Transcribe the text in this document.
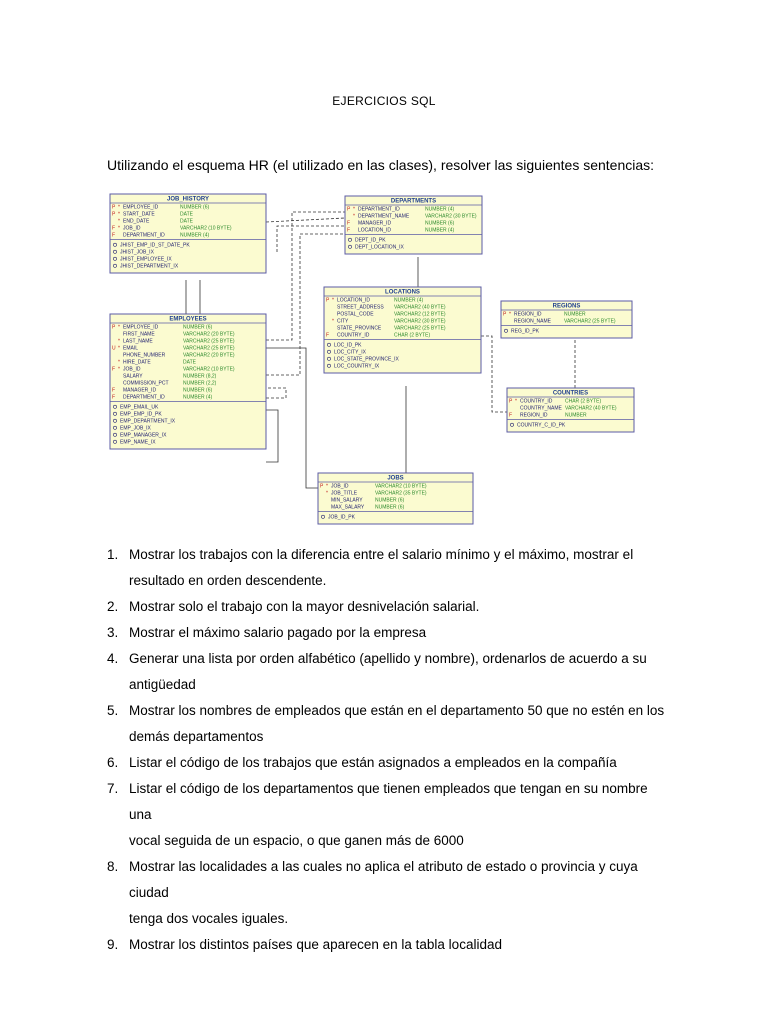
EJERCICIOS SQL
Utilizando el esquema HR (el utilizado en las clases), resolver las siguientes sentencias:
JOB_HISTORY
P * EMPLOYEE_ID	NUMBER (6)
P * START_DATE	DATE
* END_DATE	DATE
F * JOB_ID	VARCHAR2 (10 BYTE)
F DEPARTMENT_ID	NUMBER (4)
JHIST_EMP_ID_ST_DATE_PK
JHIST_JOB_IX
JHIST_EMPLOYEE_IX
JHIST_DEPARTMENT_IX
DEPARTMENTS
P * DEPARTMENT_ID	NUMBER (4)
* DEPARTMENT_NAME	VARCHAR2 (30 BYTE)
F MANAGER_ID	NUMBER (6)
F LOCATION_ID	NUMBER (4)
DEPT_ID_PK
DEPT_LOCATION_IX
LOCATIONS
P * LOCATION_ID	NUMBER (4)
STREET_ADDRESS VARCHAR2 (40 BYTE)
POSTAL_CODE	VARCHAR2 (12 BYTE)
* CITY	VARCHAR2 (30 BYTE)
STATE_PROVINCE	VARCHAR2 (25 BYTE)
F COUNTRY_ID	CHAR (2 BYTE)
LOC_ID_PK
LOC_CITY_IX
LOC_STATE_PROVINCE_IX
LOC_COUNTRY_IX
REGIONS
P * REGION_ID	NUMBER
REGION_NAME	VARCHAR2 (25 BYTE)
REG_ID_PK
EMPLOYEES
P * EMPLOYEE_ID	NUMBER (6)
FIRST_NAME	VARCHAR2 (20 BYTE)
* LAST_NAME	VARCHAR2 (25 BYTE)
U * EMAIL	VARCHAR2 (25 BYTE)
PHONE_NUMBER	VARCHAR2 (20 BYTE)
* HIRE_DATE	DATE
F * JOB_ID	VARCHAR2 (10 BYTE)
SALARY	NUMBER (8,2)
COMMISSION_PCT	NUMBER (2,2)
F MANAGER_ID	NUMBER (6)
F DEPARTMENT_ID	NUMBER (4)
EMP_EMAIL_UK
EMP_EMP_ID_PK
EMP_DEPARTMENT_IX
EMP_JOB_IX
EMP_MANAGER_IX
EMP_NAME_IX
COUNTRIES
P * COUNTRY_ID	CHAR (2 BYTE)
COUNTRY_NAME VARCHAR2 (40 BYTE)
F REGION_ID	NUMBER
COUNTRY_C_ID_PK
JOBS
P * JOB_ID	VARCHAR2 (10 BYTE)
* JOB_TITLE	VARCHAR2 (35 BYTE)
MIN_SALARY NUMBER (6)
MAX_SALARY NUMBER (6)
JOB_ID_PK
1. Mostrar los trabajos con la diferencia entre el salario mínimo y el máximo, mostrar el
resultado en orden descendente.
2. Mostrar solo el trabajo con la mayor desnivelación salarial.
3. Mostrar el máximo salario pagado por la empresa
4. Generar una lista por orden alfabético (apellido y nombre), ordenarlos de acuerdo a su
antigüedad
5. Mostrar los nombres de empleados que están en el departamento 50 que no estén en los
demás departamentos
6. Listar el código de los trabajos que están asignados a empleados en la compañía
7. Listar el código de los departamentos que tienen empleados que tengan en su nombre una
vocal seguida de un espacio, o que ganen más de 6000
8. Mostrar las localidades a las cuales no aplica el atributo de estado o provincia y cuya ciudad
tenga dos vocales iguales.
9. Mostrar los distintos países que aparecen en la tabla localidad
